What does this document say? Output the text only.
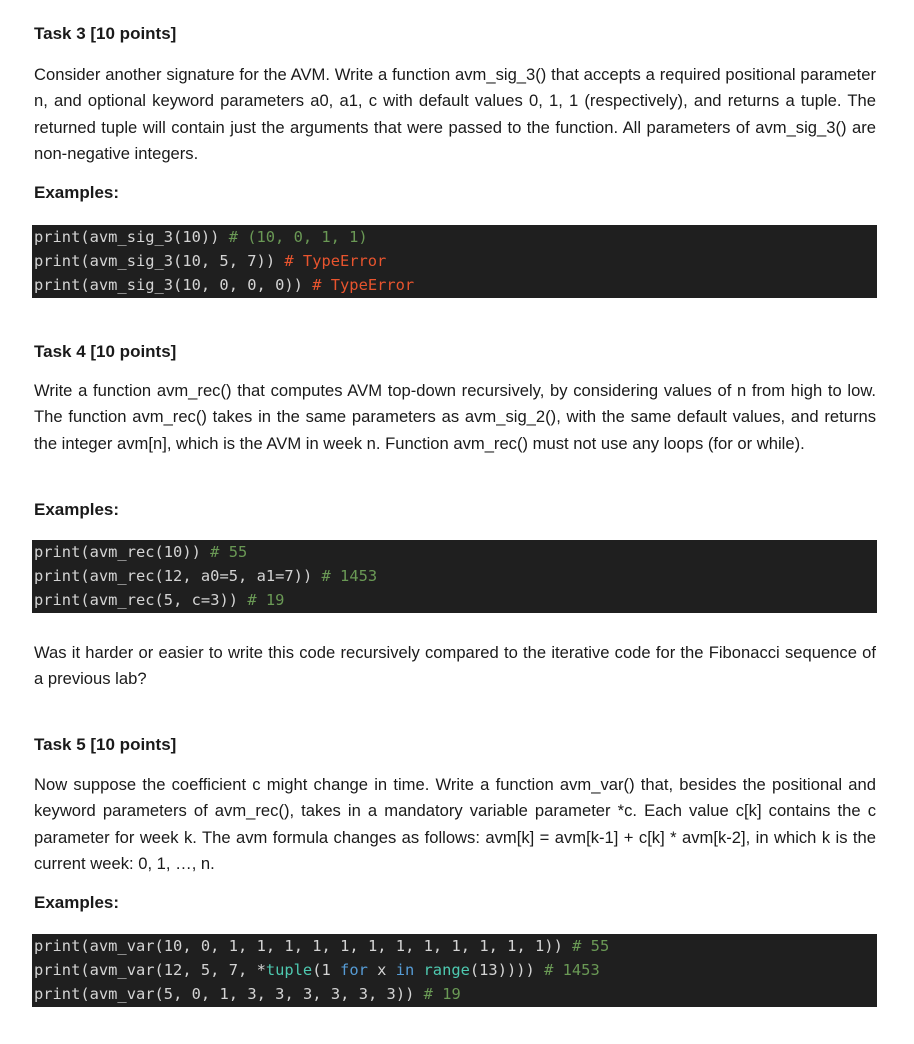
Task 3 [10 points]

Consider another signature for the AVM. Write a function avm_sig_3() that accepts a required positional parameter n, and optional keyword parameters a0, a1, c with default values 0, 1, 1 (respectively), and returns a tuple. The returned tuple will contain just the arguments that were passed to the function. All parameters of avm_sig_3() are non-negative integers.

Examples:
print(avm_sig_3(10)) # (10, 0, 1, 1)
print(avm_sig_3(10, 5, 7)) # TypeError
print(avm_sig_3(10, 0, 0, 0)) # TypeError
Task 4 [10 points]

Write a function avm_rec() that computes AVM top-down recursively, by considering values of n from high to low. The function avm_rec() takes in the same parameters as avm_sig_2(), with the same default values, and returns the integer avm[n], which is the AVM in week n. Function avm_rec() must not use any loops (for or while).

Examples:
print(avm_rec(10)) # 55
print(avm_rec(12, a0=5, a1=7)) # 1453
print(avm_rec(5, c=3)) # 19

Was it harder or easier to write this code recursively compared to the iterative code for the Fibonacci sequence of a previous lab?

Task 5 [10 points]

Now suppose the coefficient c might change in time. Write a function avm_var() that, besides the positional and keyword parameters of avm_rec(), takes in a mandatory variable parameter *c. Each value c[k] contains the c parameter for week k. The avm formula changes as follows: avm[k] = avm[k-1] + c[k] * avm[k-2], in which k is the current week: 0, 1, …, n.

Examples:
print(avm_var(10, 0, 1, 1, 1, 1, 1, 1, 1, 1, 1, 1, 1, 1)) # 55
print(avm_var(12, 5, 7, *tuple(1 for x in range(13)))) # 1453
print(avm_var(5, 0, 1, 3, 3, 3, 3, 3, 3)) # 19
